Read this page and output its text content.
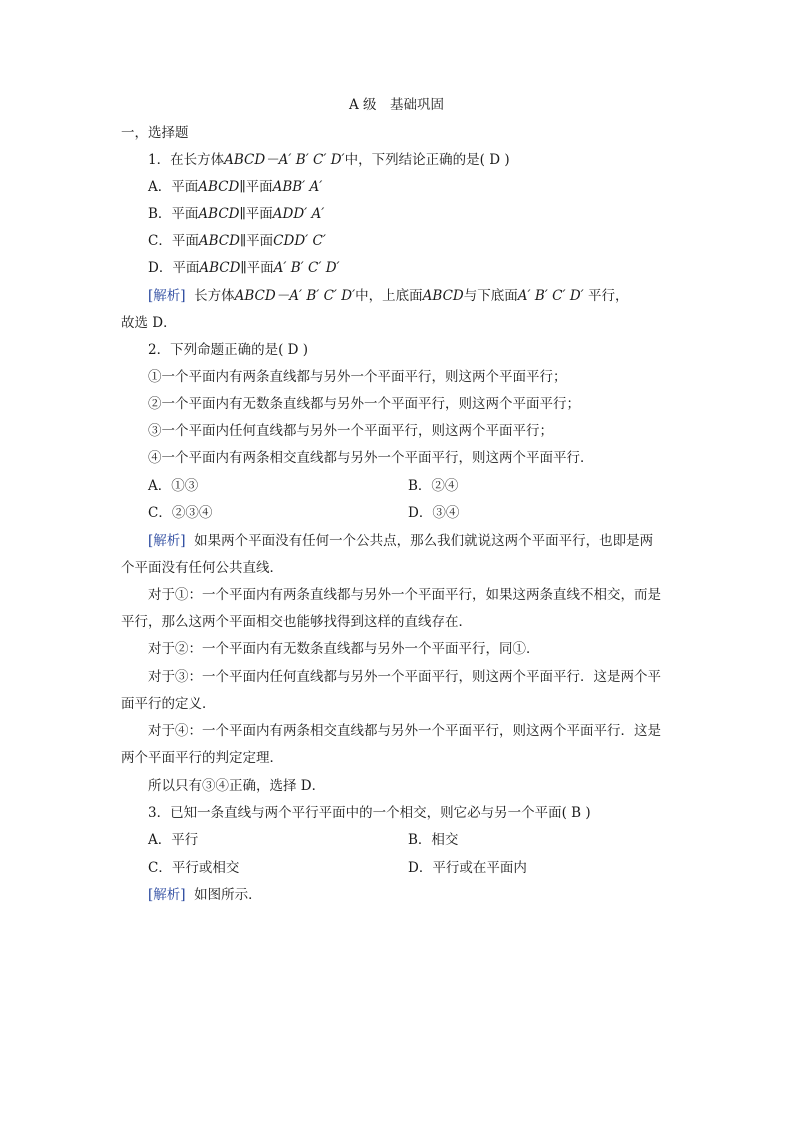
A 级　基础巩固
一，选择题
1．在长方体ABCD－A′ B′ C′ D′中，下列结论正确的是( D )
A．平面ABCD∥平面ABB′ A′
B．平面ABCD∥平面ADD′ A′
C．平面ABCD∥平面CDD′ C′
D．平面ABCD∥平面A′ B′ C′ D′
[解析] 长方体ABCD－A′ B′ C′ D′中，上底面ABCD与下底面A′ B′ C′ D′ 平行，
故选 D．
2．下列命题正确的是( D )
①一个平面内有两条直线都与另外一个平面平行，则这两个平面平行；
②一个平面内有无数条直线都与另外一个平面平行，则这两个平面平行；
③一个平面内任何直线都与另外一个平面平行，则这两个平面平行；
④一个平面内有两条相交直线都与另外一个平面平行，则这两个平面平行．
A．①③	B．②④
C．②③④	D．③④
[解析] 如果两个平面没有任何一个公共点，那么我们就说这两个平面平行，也即是两
个平面没有任何公共直线．
对于①：一个平面内有两条直线都与另外一个平面平行，如果这两条直线不相交，而是
平行，那么这两个平面相交也能够找得到这样的直线存在．
对于②：一个平面内有无数条直线都与另外一个平面平行，同①．
对于③：一个平面内任何直线都与另外一个平面平行，则这两个平面平行．这是两个平
面平行的定义．
对于④：一个平面内有两条相交直线都与另外一个平面平行，则这两个平面平行．这是
两个平面平行的判定定理．
所以只有③④正确，选择 D．
3．已知一条直线与两个平行平面中的一个相交，则它必与另一个平面( B )
A．平行	B．相交
C．平行或相交	D．平行或在平面内
[解析] 如图所示．
